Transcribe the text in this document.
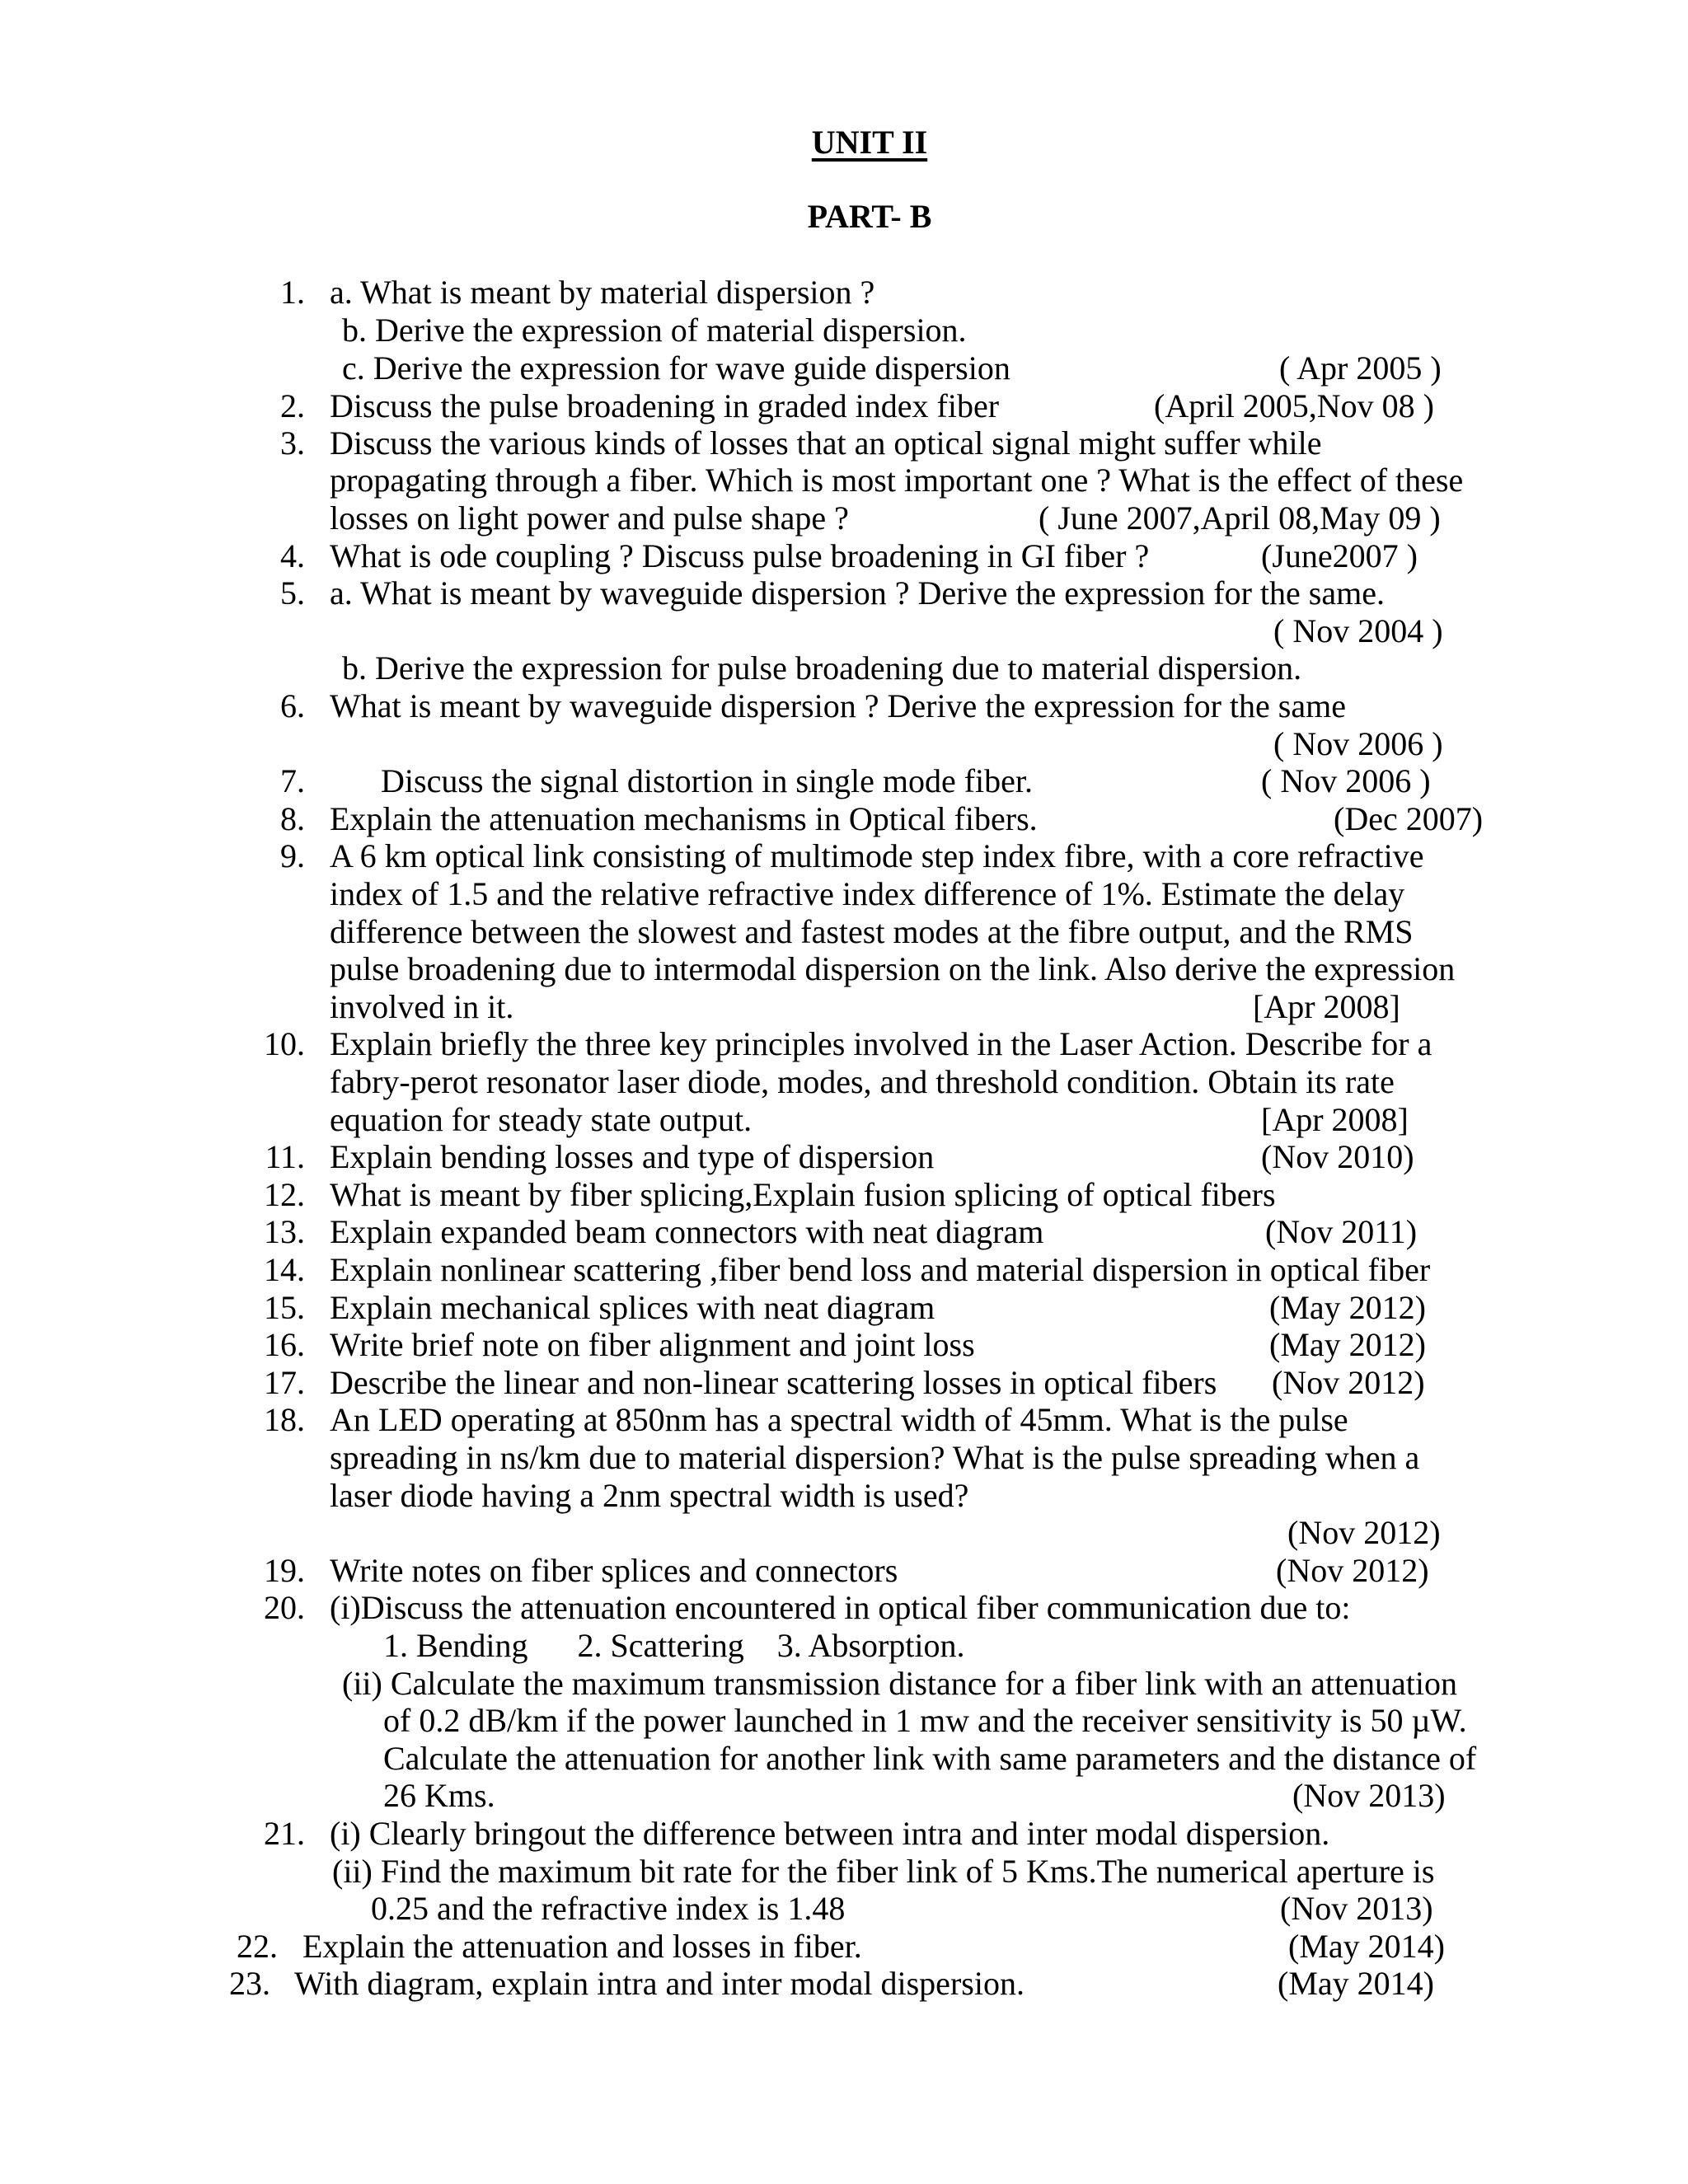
UNIT II
PART- B
1. a. What is meant by material dispersion ?
b. Derive the expression of material dispersion.
c. Derive the expression for wave guide dispersion	( Apr 2005 )
2. Discuss the pulse broadening in graded index fiber	(April 2005,Nov 08 )
3. Discuss the various kinds of losses that an optical signal might suffer while
propagating through a fiber. Which is most important one ? What is the effect of these
losses on light power and pulse shape ?	( June 2007,April 08,May 09 )
4. What is ode coupling ? Discuss pulse broadening in GI fiber ?	(June2007 )
5. a. What is meant by waveguide dispersion ? Derive the expression for the same.
( Nov 2004 )
b. Derive the expression for pulse broadening due to material dispersion.
6. What is meant by waveguide dispersion ? Derive the expression for the same
( Nov 2006 )
7. Discuss the signal distortion in single mode fiber.	( Nov 2006 )
8. Explain the attenuation mechanisms in Optical fibers.	(Dec 2007)
9. A 6 km optical link consisting of multimode step index fibre, with a core refractive
index of 1.5 and the relative refractive index difference of 1%. Estimate the delay
difference between the slowest and fastest modes at the fibre output, and the RMS
pulse broadening due to intermodal dispersion on the link. Also derive the expression
involved in it.	[Apr 2008]
10. Explain briefly the three key principles involved in the Laser Action. Describe for a
fabry-perot resonator laser diode, modes, and threshold condition. Obtain its rate
equation for steady state output.	[Apr 2008]
11. Explain bending losses and type of dispersion	(Nov 2010)
12. What is meant by fiber splicing,Explain fusion splicing of optical fibers
13. Explain expanded beam connectors with neat diagram	(Nov 2011)
14. Explain nonlinear scattering ,fiber bend loss and material dispersion in optical fiber
15. Explain mechanical splices with neat diagram	(May 2012)
16. Write brief note on fiber alignment and joint loss	(May 2012)
17. Describe the linear and non-linear scattering losses in optical fibers (Nov 2012)
18. An LED operating at 850nm has a spectral width of 45mm. What is the pulse
spreading in ns/km due to material dispersion? What is the pulse spreading when a
laser diode having a 2nm spectral width is used?
(Nov 2012)
19. Write notes on fiber splices and connectors	(Nov 2012)
20. (i)Discuss the attenuation encountered in optical fiber communication due to:
1. Bending      2. Scattering    3. Absorption.
(ii) Calculate the maximum transmission distance for a fiber link with an attenuation
of 0.2 dB/km if the power launched in 1 mw and the receiver sensitivity is 50 µW.
Calculate the attenuation for another link with same parameters and the distance of
26 Kms.	(Nov 2013)
21. (i) Clearly bringout the difference between intra and inter modal dispersion.
(ii) Find the maximum bit rate for the fiber link of 5 Kms.The numerical aperture is
0.25 and the refractive index is 1.48	(Nov 2013)
22. Explain the attenuation and losses in fiber.	(May 2014)
23. With diagram, explain intra and inter modal dispersion.	(May 2014)
